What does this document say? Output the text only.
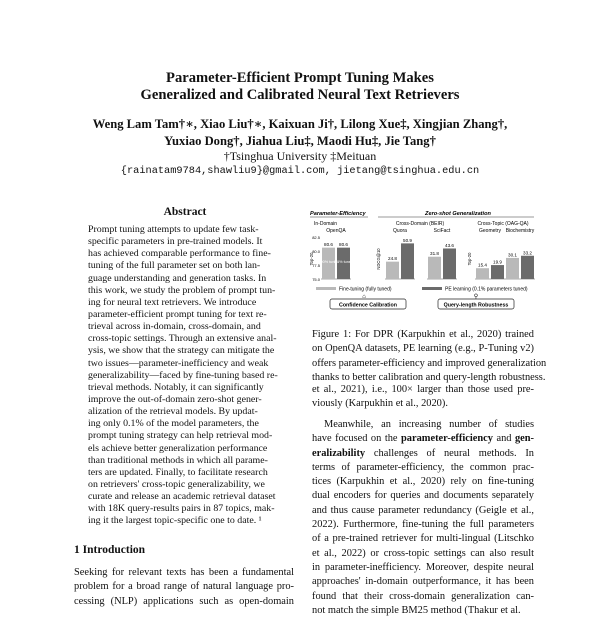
Parameter-Efficient Prompt Tuning Makes
Generalized and Calibrated Neural Text Retrievers
Weng Lam Tam†∗, Xiao Liu†∗, Kaixuan Ji†, Lilong Xue‡, Xingjian Zhang†,
Yuxiao Dong†, Jiahua Liu‡, Maodi Hu‡, Jie Tang†
†Tsinghua University ‡Meituan
{rainatam9784,shawliu9}@gmail.com, jietang@tsinghua.edu.cn
Abstract
Prompt tuning attempts to update few task-
specific parameters in pre-trained models. It
has achieved comparable performance to fine-
tuning of the full parameter set on both lan-
guage understanding and generation tasks. In
this work, we study the problem of prompt tun-
ing for neural text retrievers. We introduce
parameter-efficient prompt tuning for text re-
trieval across in-domain, cross-domain, and
cross-topic settings. Through an extensive anal-
ysis, we show that the strategy can mitigate the
two issues—parameter-inefficiency and weak
generalizability—faced by fine-tuning based re-
trieval methods. Notably, it can significantly
improve the out-of-domain zero-shot gener-
alization of the retrieval models. By updat-
ing only 0.1% of the model parameters, the
prompt tuning strategy can help retrieval mod-
els achieve better generalization performance
than traditional methods in which all parame-
ters are updated. Finally, to facilitate research
on retrievers' cross-topic generalizability, we
curate and release an academic retrieval dataset
with 18K query-results pairs in 87 topics, mak-
ing it the largest topic-specific one to date. ¹
1 Introduction
Seeking for relevant texts has been a fundamental
problem for a broad range of natural language pro-
cessing (NLP) applications such as open-domain
Parameter-Efficiency	Zero-shot Generalization
In-Domain	Cross-Domain (BEIR)	Cross-Topic (OAG-QA)
OpenQA
80.6 80.6
100% tuned
0.1% tuned
82.5
80.0
77.5
75.0
Quora
24.8
50.9
SciFact
31.8
43.6
Geometry
15.4
19.9
Biochemistry
30.1 33.2
Top-20	NDCG@10	Top-20
Fine-tuning (fully tuned)	PE learning (0.1% parameters tuned)
Confidence Calibration	Query-length Robustness
⌂	⚲
Figure 1: For DPR (Karpukhin et al., 2020) trained
on OpenQA datasets, PE learning (e.g., P-Tuning v2)
offers parameter-efficiency and improved generalization
thanks to better calibration and query-length robustness.
et al., 2021), i.e., 100× larger than those used pre-
viously (Karpukhin et al., 2020).
Meanwhile, an increasing number of studies
have focused on the parameter-efficiency and gen-
eralizability challenges of neural methods. In
terms of parameter-efficiency, the common prac-
tices (Karpukhin et al., 2020) rely on fine-tuning
dual encoders for queries and documents separately
and thus cause parameter redundancy (Geigle et al.,
2022). Furthermore, fine-tuning the full parameters
of a pre-trained retriever for multi-lingual (Litschko
et al., 2022) or cross-topic settings can also result
in parameter-inefficiency. Moreover, despite neural
approaches' in-domain outperformance, it has been
found that their cross-domain generalization can-
not match the simple BM25 method (Thakur et al.
